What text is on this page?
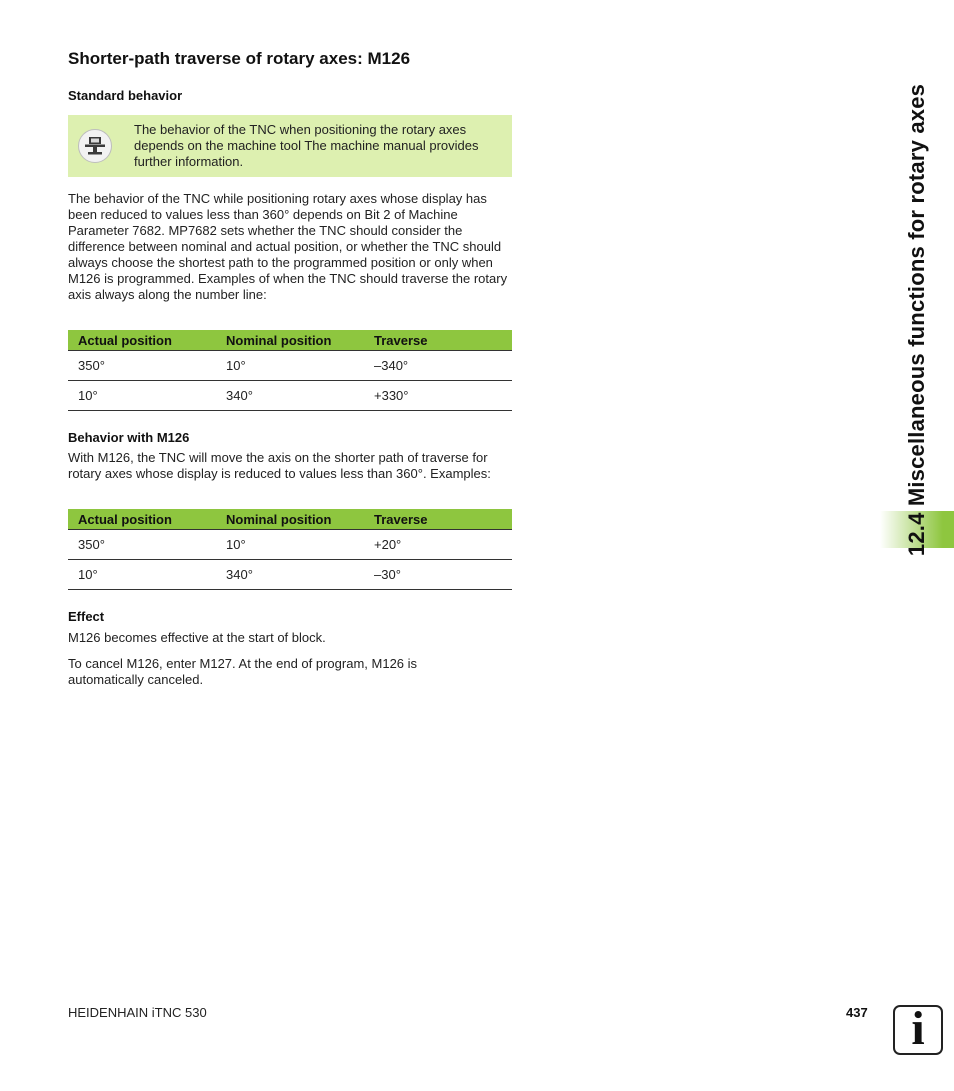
Shorter-path traverse of rotary axes: M126
Standard behavior
The behavior of the TNC when positioning the rotary axes depends on the machine tool The machine manual provides further information.
The behavior of the TNC while positioning rotary axes whose display has been reduced to values less than 360° depends on Bit 2 of Machine Parameter 7682. MP7682 sets whether the TNC should consider the difference between nominal and actual position, or whether the TNC should always choose the shortest path to the programmed position or only when M126 is programmed. Examples of when the TNC should traverse the rotary axis always along the number line:
Actual position	Nominal position	Traverse
350°	10°	–340°
10°	340°	+330°
Behavior with M126
With M126, the TNC will move the axis on the shorter path of traverse for rotary axes whose display is reduced to values less than 360°. Examples:
Actual position	Nominal position	Traverse
350°	10°	+20°
10°	340°	–30°
Effect
M126 becomes effective at the start of block.
To cancel M126, enter M127. At the end of program, M126 is automatically canceled.
12.4 Miscellaneous functions for rotary axes
HEIDENHAIN iTNC 530	437 i
